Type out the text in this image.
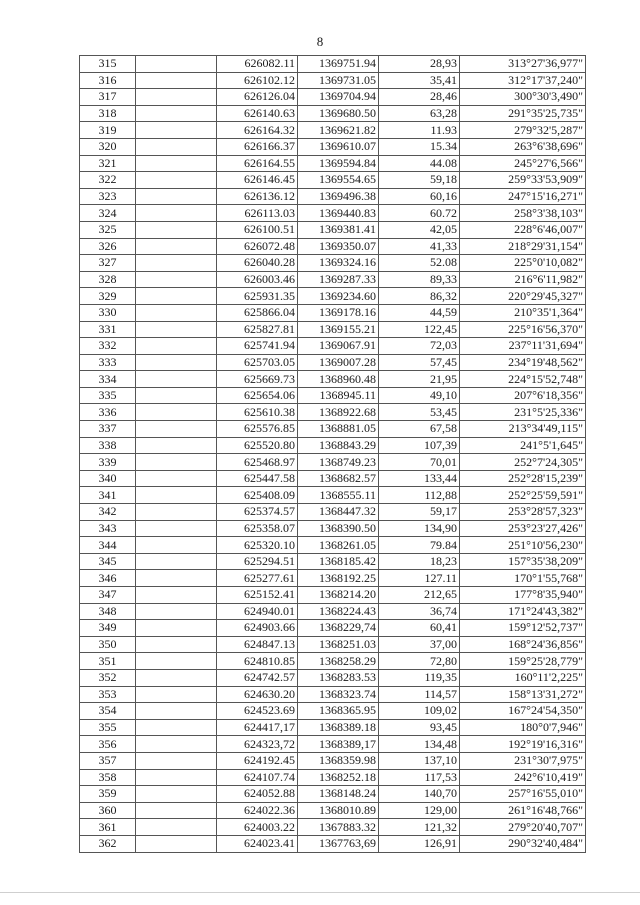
8
315		626082.11	1369751.94	28,93	313°27'36,977"
316		626102.12	1369731.05	35,41	312°17'37,240"
317		626126.04	1369704.94	28,46	300°30'3,490"
318		626140.63	1369680.50	63,28	291°35'25,735"
319		626164.32	1369621.82	11.93	279°32'5,287"
320		626166.37	1369610.07	15.34	263°6'38,696"
321		626164.55	1369594.84	44.08	245°27'6,566"
322		626146.45	1369554.65	59,18	259°33'53,909"
323		626136.12	1369496.38	60,16	247°15'16,271"
324		626113.03	1369440.83	60.72	258°3'38,103"
325		626100.51	1369381.41	42,05	228°6'46,007"
326		626072.48	1369350.07	41,33	218°29'31,154"
327		626040.28	1369324.16	52.08	225°0'10,082"
328		626003.46	1369287.33	89,33	216°6'11,982"
329		625931.35	1369234.60	86,32	220°29'45,327"
330		625866.04	1369178.16	44,59	210°35'1,364"
331		625827.81	1369155.21	122,45	225°16'56,370"
332		625741.94	1369067.91	72,03	237°11'31,694"
333		625703.05	1369007.28	57,45	234°19'48,562"
334		625669.73	1368960.48	21,95	224°15'52,748"
335		625654.06	1368945.11	49,10	207°6'18,356"
336		625610.38	1368922.68	53,45	231°5'25,336"
337		625576.85	1368881.05	67,58	213°34'49,115"
338		625520.80	1368843.29	107,39	241°5'1,645"
339		625468.97	1368749.23	70,01	252°7'24,305"
340		625447.58	1368682.57	133,44	252°28'15,239"
341		625408.09	1368555.11	112,88	252°25'59,591"
342		625374.57	1368447.32	59,17	253°28'57,323"
343		625358.07	1368390.50	134,90	253°23'27,426"
344		625320.10	1368261.05	79.84	251°10'56,230"
345		625294.51	1368185.42	18,23	157°35'38,209"
346		625277.61	1368192.25	127.11	170°1'55,768"
347		625152.41	1368214.20	212,65	177°8'35,940"
348		624940.01	1368224.43	36,74	171°24'43,382"
349		624903.66	1368229,74	60,41	159°12'52,737"
350		624847.13	1368251.03	37,00	168°24'36,856"
351		624810.85	1368258.29	72,80	159°25'28,779"
352		624742.57	1368283.53	119,35	160°11'2,225"
353		624630.20	1368323.74	114,57	158°13'31,272"
354		624523.69	1368365.95	109,02	167°24'54,350"
355		624417,17	1368389.18	93,45	180°0'7,946"
356		624323,72	1368389,17	134,48	192°19'16,316"
357		624192.45	1368359.98	137,10	231°30'7,975"
358		624107.74	1368252.18	117,53	242°6'10,419"
359		624052.88	1368148.24	140,70	257°16'55,010"
360		624022.36	1368010.89	129,00	261°16'48,766"
361		624003.22	1367883.32	121,32	279°20'40,707"
362		624023.41	1367763,69	126,91	290°32'40,484"
